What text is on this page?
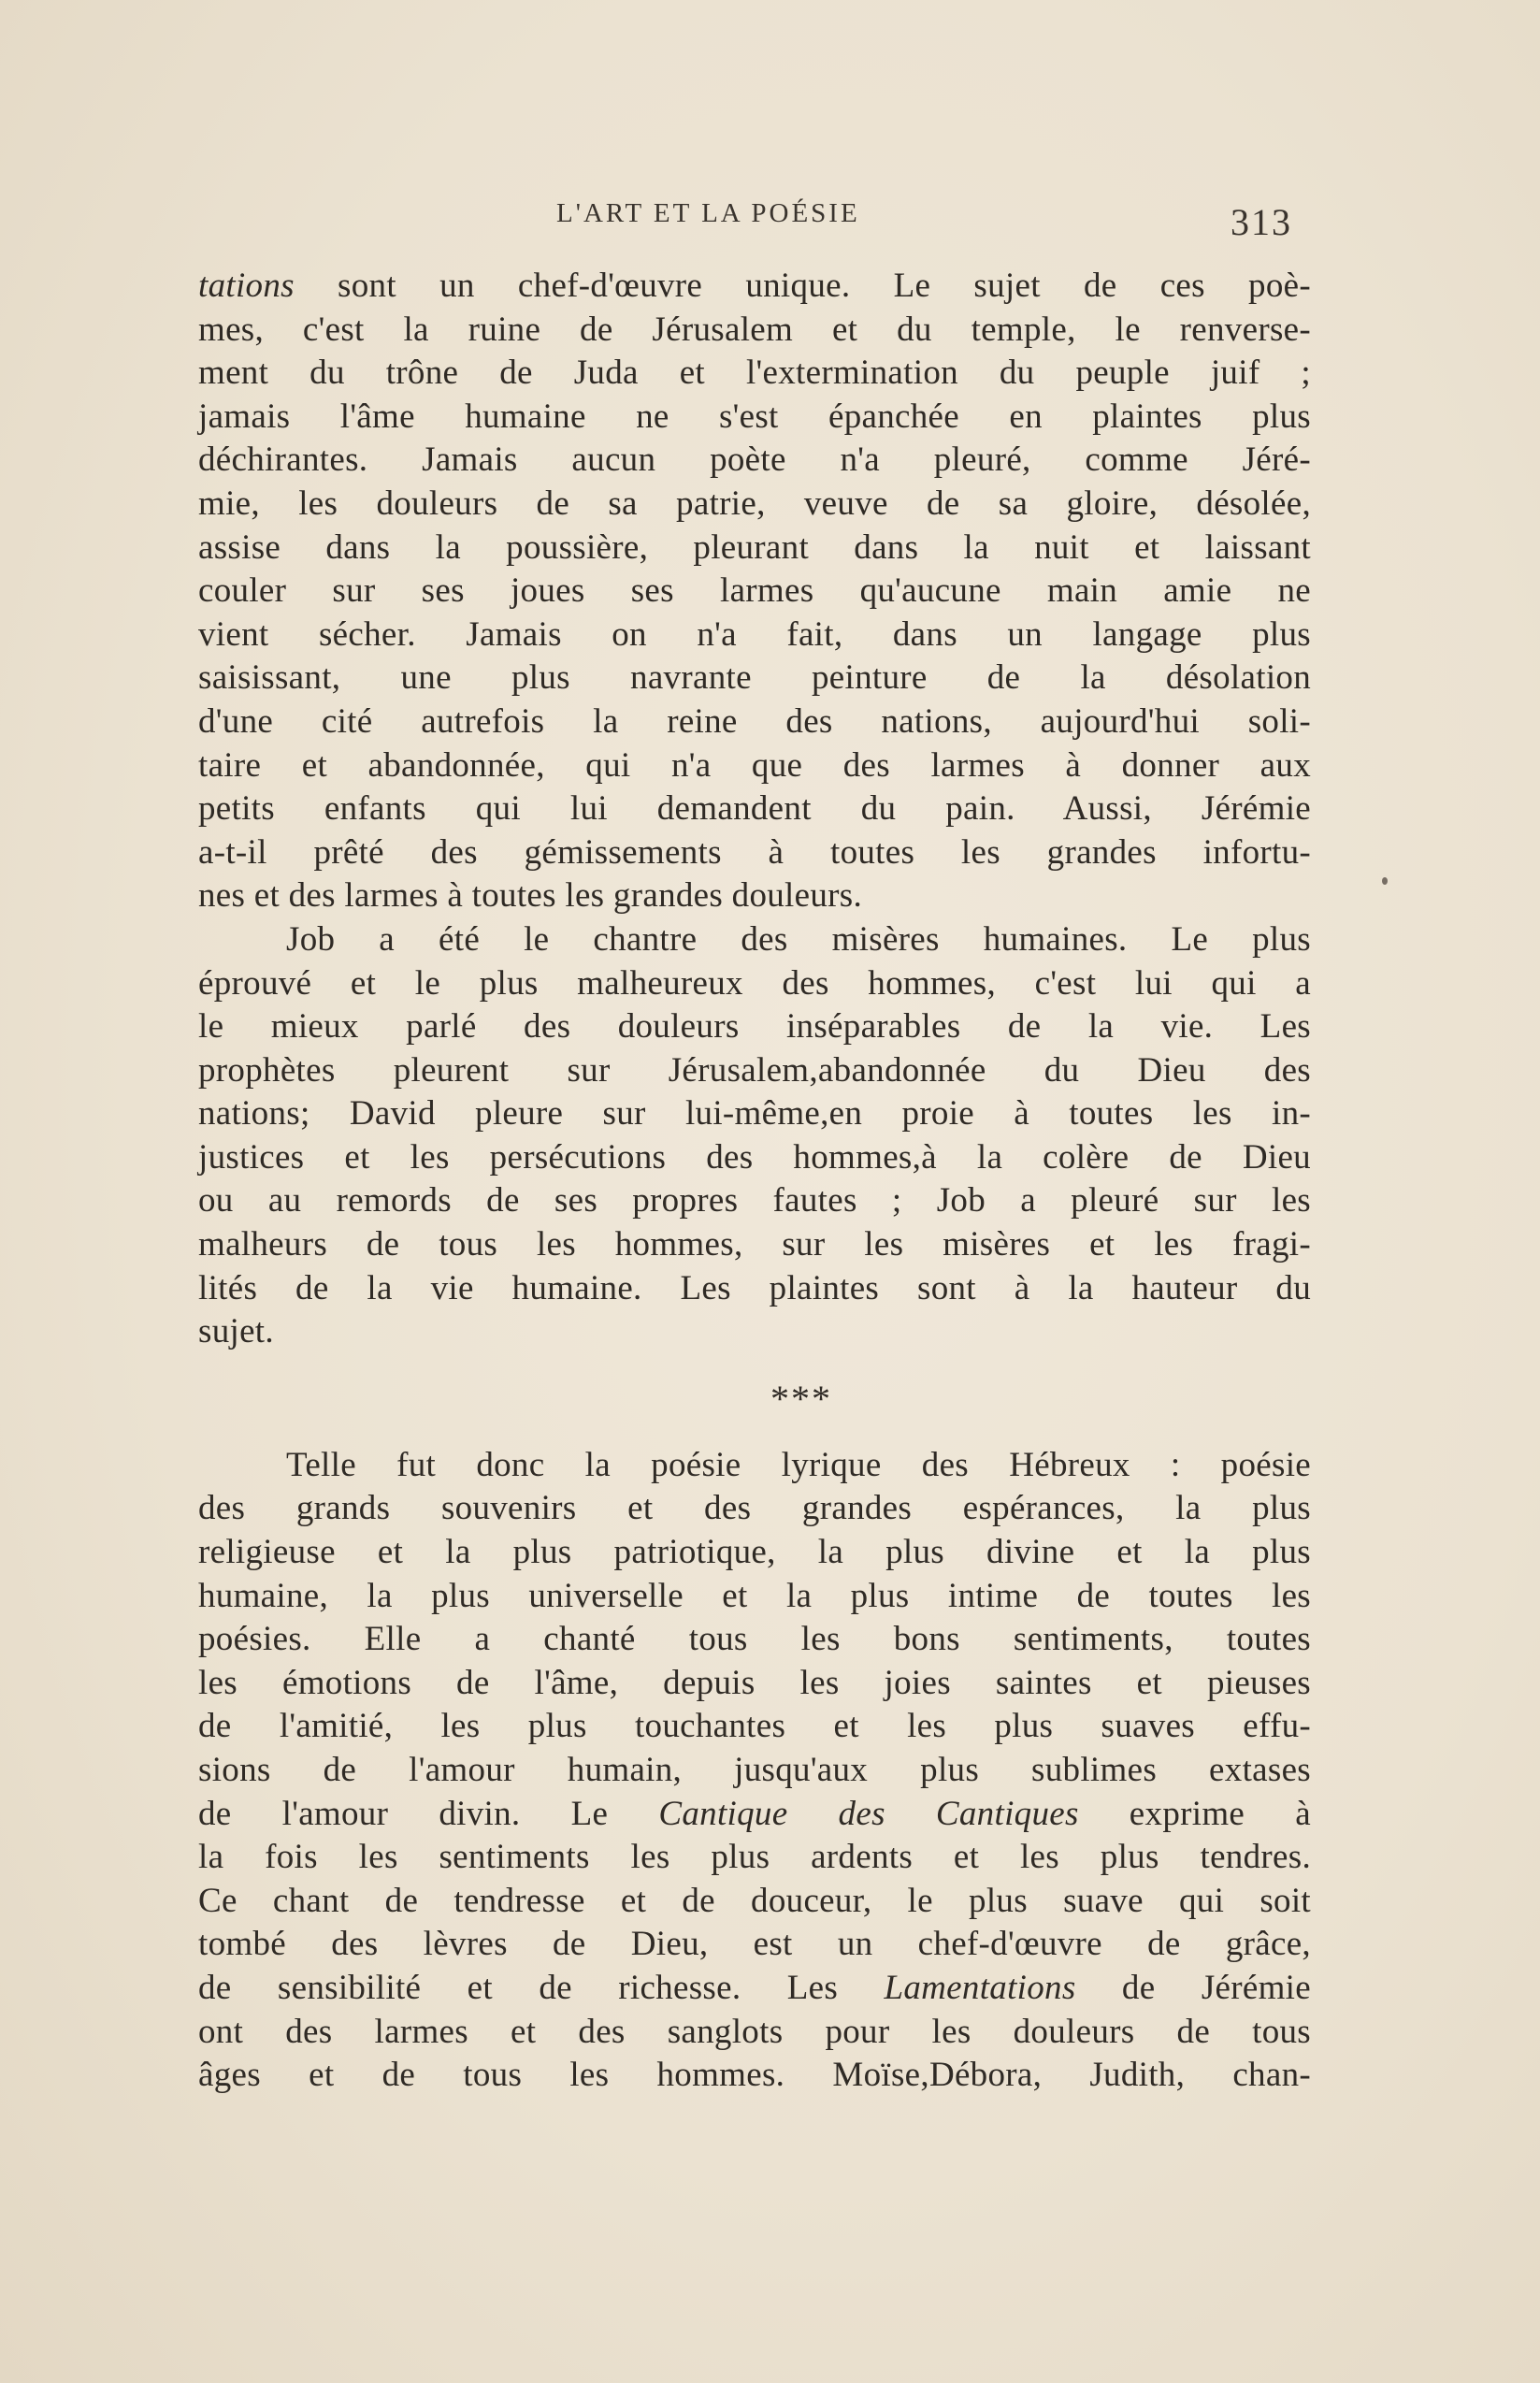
L'ART ET LA POÉSIE	313
tations sont un chef-d'œuvre unique. Le sujet de ces poè-
mes, c'est la ruine de Jérusalem et du temple, le renverse-
ment du trône de Juda et l'extermination du peuple juif ;
jamais l'âme humaine ne s'est épanchée en plaintes plus
déchirantes. Jamais aucun poète n'a pleuré, comme Jéré-
mie, les douleurs de sa patrie, veuve de sa gloire, désolée,
assise dans la poussière, pleurant dans la nuit et laissant
couler sur ses joues ses larmes qu'aucune main amie ne
vient sécher. Jamais on n'a fait, dans un langage plus
saisissant, une plus navrante peinture de la désolation
d'une cité autrefois la reine des nations, aujourd'hui soli-
taire et abandonnée, qui n'a que des larmes à donner aux
petits enfants qui lui demandent du pain. Aussi, Jérémie
a-t-il prêté des gémissements à toutes les grandes infortu-
nes et des larmes à toutes les grandes douleurs.
Job a été le chantre des misères humaines. Le plus
éprouvé et le plus malheureux des hommes, c'est lui qui a
le mieux parlé des douleurs inséparables de la vie. Les
prophètes pleurent sur Jérusalem,abandonnée du Dieu des
nations; David pleure sur lui-même,en proie à toutes les in-
justices et les persécutions des hommes,à la colère de Dieu
ou au remords de ses propres fautes ; Job a pleuré sur les
malheurs de tous les hommes, sur les misères et les fragi-
lités de la vie humaine. Les plaintes sont à la hauteur du
sujet.
***
Telle fut donc la poésie lyrique des Hébreux : poésie
des grands souvenirs et des grandes espérances, la plus
religieuse et la plus patriotique, la plus divine et la plus
humaine, la plus universelle et la plus intime de toutes les
poésies. Elle a chanté tous les bons sentiments, toutes
les émotions de l'âme, depuis les joies saintes et pieuses
de l'amitié, les plus touchantes et les plus suaves effu-
sions de l'amour humain, jusqu'aux plus sublimes extases
de l'amour divin. Le Cantique des Cantiques exprime à
la fois les sentiments les plus ardents et les plus tendres.
Ce chant de tendresse et de douceur, le plus suave qui soit
tombé des lèvres de Dieu, est un chef-d'œuvre de grâce,
de sensibilité et de richesse. Les Lamentations de Jérémie
ont des larmes et des sanglots pour les douleurs de tous
âges et de tous les hommes. Moïse,Débora, Judith, chan-
